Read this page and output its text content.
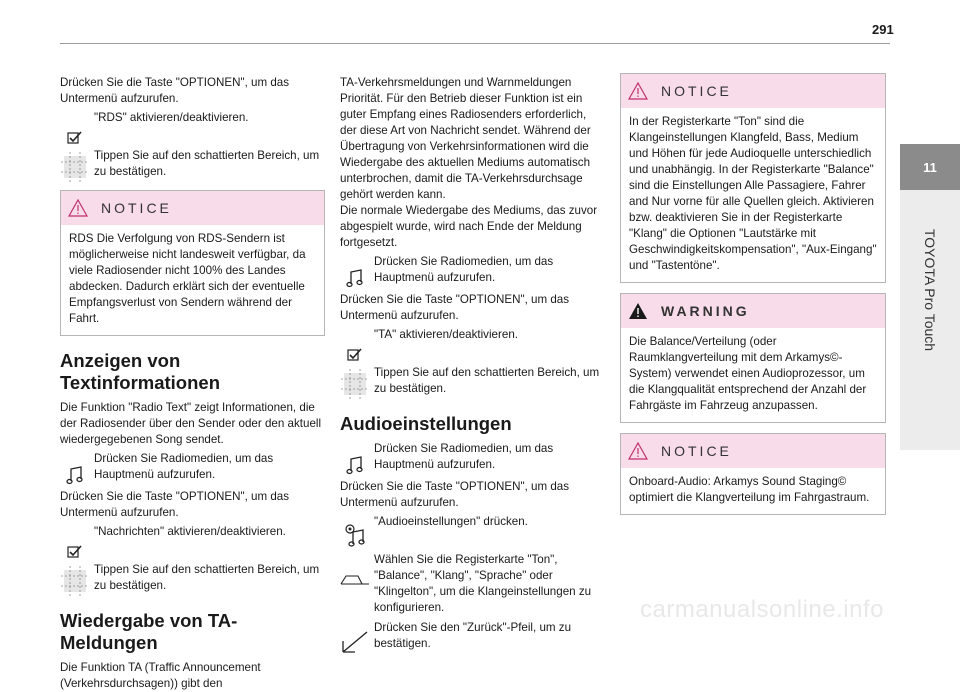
291
11
TOYOTA Pro Touch

Drücken Sie die Taste "OPTIONEN", um das Untermenü aufzurufen.

"RDS" aktivieren/deaktivieren.
Tippen Sie auf den schattierten Bereich, um zu bestätigen.
NOTICE
RDS Die Verfolgung von RDS-Sendern ist möglicherweise nicht landesweit verfügbar, da viele Radiosender nicht 100% des Landes abdecken. Dadurch erklärt sich der eventuelle Empfangsverlust von Sendern während der Fahrt.
Anzeigen von Textinformationen

Die Funktion "Radio Text" zeigt Informationen, die der Radiosender über den Sender oder den aktuell wiedergegebenen Song sendet.

Drücken Sie Radiomedien, um das Hauptmenü aufzurufen.

Drücken Sie die Taste "OPTIONEN", um das Untermenü aufzurufen.

"Nachrichten" aktivieren/deaktivieren.
Tippen Sie auf den schattierten Bereich, um zu bestätigen.
Wiedergabe von TA-Meldungen

Die Funktion TA (Traffic Announcement (Verkehrsdurchsagen)) gibt den

TA-Verkehrsmeldungen und Warnmeldungen Priorität. Für den Betrieb dieser Funktion ist ein guter Empfang eines Radiosenders erforderlich, der diese Art von Nachricht sendet. Während der Übertragung von Verkehrsinformationen wird die Wiedergabe des aktuellen Mediums automatisch unterbrochen, damit die TA-Verkehrsdurchsage gehört werden kann.

Die normale Wiedergabe des Mediums, das zuvor abgespielt wurde, wird nach Ende der Meldung fortgesetzt.

Drücken Sie Radiomedien, um das Hauptmenü aufzurufen.

Drücken Sie die Taste "OPTIONEN", um das Untermenü aufzurufen.

"TA" aktivieren/deaktivieren.
Tippen Sie auf den schattierten Bereich, um zu bestätigen.
Audioeinstellungen
Drücken Sie Radiomedien, um das Hauptmenü aufzurufen.

Drücken Sie die Taste "OPTIONEN", um das Untermenü aufzurufen.

"Audioeinstellungen" drücken.
Wählen Sie die Registerkarte "Ton", "Balance", "Klang", "Sprache" oder "Klingelton", um die Klangeinstellungen zu konfigurieren.
Drücken Sie den "Zurück"-Pfeil, um zu bestätigen.
NOTICE
In der Registerkarte "Ton" sind die Klangeinstellungen Klangfeld, Bass, Medium und Höhen für jede Audioquelle unterschiedlich und unabhängig. In der Registerkarte "Balance" sind die Einstellungen Alle Passagiere, Fahrer and Nur vorne für alle Quellen gleich. Aktivieren bzw. deaktivieren Sie in der Registerkarte "Klang" die Optionen "Lautstärke mit Geschwindigkeitskompensation", "Aux-Eingang" und "Tastentöne".
WARNING
Die Balance/Verteilung (oder Raumklangverteilung mit dem Arkamys©-System) verwendet einen Audioprozessor, um die Klangqualität entsprechend der Anzahl der Fahrgäste im Fahrzeug anzupassen.
NOTICE
Onboard-Audio: Arkamys Sound Staging© optimiert die Klangverteilung im Fahrgastraum.
carmanualsonline.info
